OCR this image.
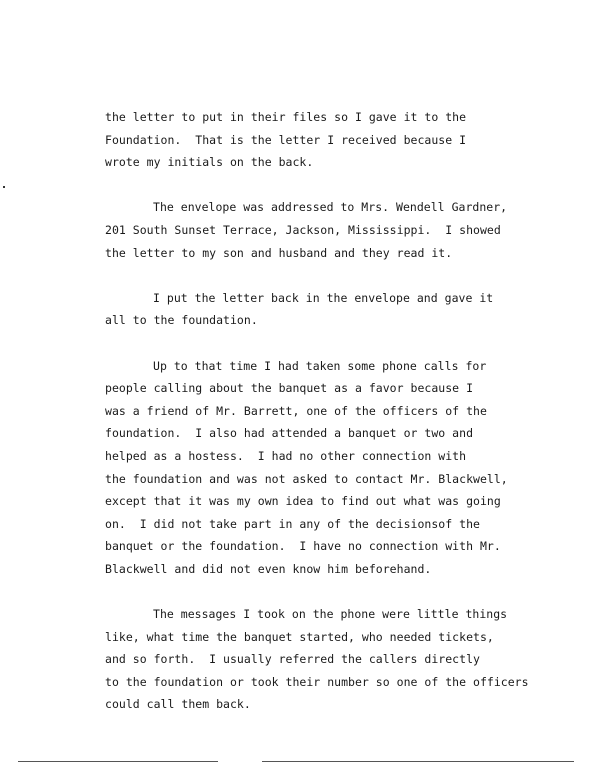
the letter to put in their files so I gave it to the
Foundation.  That is the letter I received because I
wrote my initials on the back.
The envelope was addressed to Mrs. Wendell Gardner,
201 South Sunset Terrace, Jackson, Mississippi.  I showed
the letter to my son and husband and they read it.
I put the letter back in the envelope and gave it
all to the foundation.
Up to that time I had taken some phone calls for
people calling about the banquet as a favor because I
was a friend of Mr. Barrett, one of the officers of the
foundation.  I also had attended a banquet or two and
helped as a hostess.  I had no other connection with
the foundation and was not asked to contact Mr. Blackwell,
except that it was my own idea to find out what was going
on.  I did not take part in any of the decisionsof the
banquet or the foundation.  I have no connection with Mr.
Blackwell and did not even know him beforehand.
The messages I took on the phone were little things
like, what time the banquet started, who needed tickets,
and so forth.  I usually referred the callers directly
to the foundation or took their number so one of the officers
could call them back.
